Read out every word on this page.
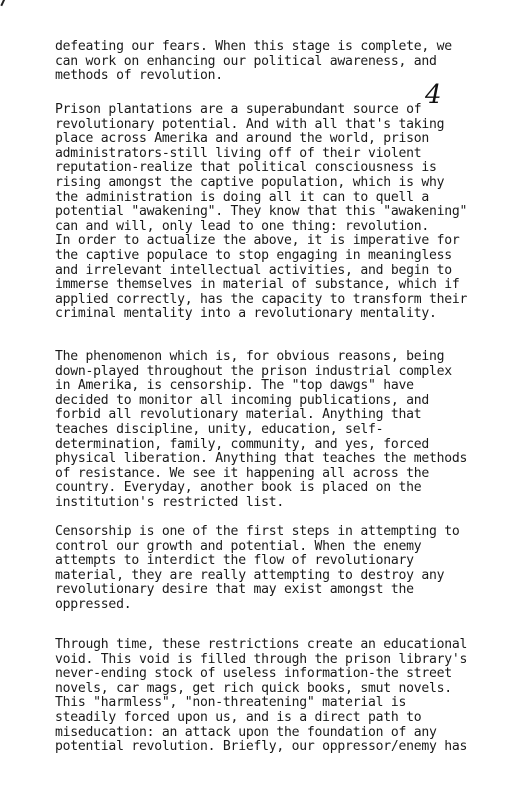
4
defeating our fears. When this stage is complete, we
can work on enhancing our political awareness, and
methods of revolution.
Prison plantations are a superabundant source of
revolutionary potential. And with all that's taking
place across Amerika and around the world, prison
administrators-still living off of their violent
reputation-realize that political consciousness is
rising amongst the captive population, which is why
the administration is doing all it can to quell a
potential "awakening". They know that this "awakening"
can and will, only lead to one thing: revolution.
In order to actualize the above, it is imperative for
the captive populace to stop engaging in meaningless
and irrelevant intellectual activities, and begin to
immerse themselves in material of substance, which if
applied correctly, has the capacity to transform their
criminal mentality into a revolutionary mentality.
The phenomenon which is, for obvious reasons, being
down-played throughout the prison industrial complex
in Amerika, is censorship. The "top dawgs" have
decided to monitor all incoming publications, and
forbid all revolutionary material. Anything that
teaches discipline, unity, education, self-
determination, family, community, and yes, forced
physical liberation. Anything that teaches the methods
of resistance. We see it happening all across the
country. Everyday, another book is placed on the
institution's restricted list.
Censorship is one of the first steps in attempting to
control our growth and potential. When the enemy
attempts to interdict the flow of revolutionary
material, they are really attempting to destroy any
revolutionary desire that may exist amongst the
oppressed.
Through time, these restrictions create an educational
void. This void is filled through the prison library's
never-ending stock of useless information-the street
novels, car mags, get rich quick books, smut novels.
This "harmless", "non-threatening" material is
steadily forced upon us, and is a direct path to
miseducation: an attack upon the foundation of any
potential revolution. Briefly, our oppressor/enemy has
